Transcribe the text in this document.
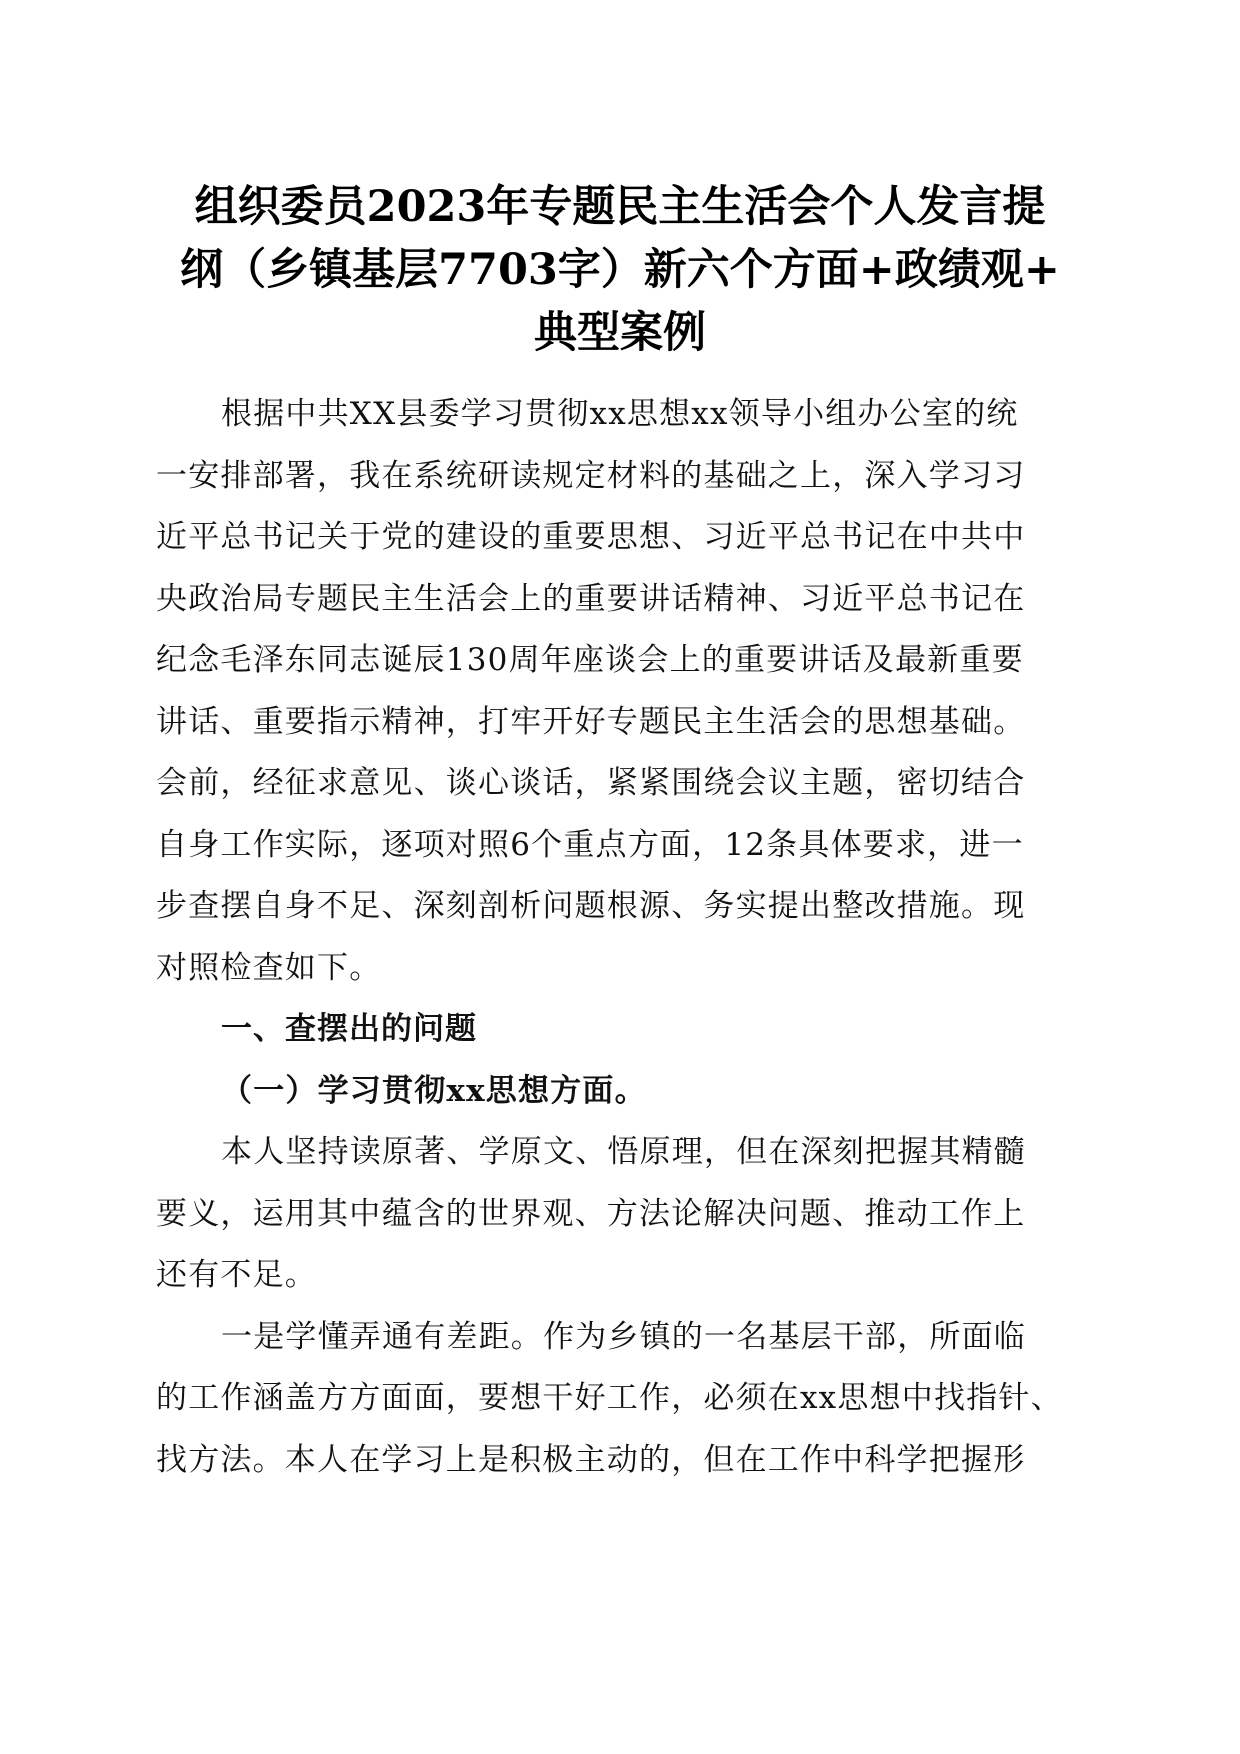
组织委员2023年专题民主生活会个人发言提
纲（乡镇基层7703字）新六个方面+政绩观+
典型案例

根据中共XX县委学习贯彻xx思想xx领导小组办公室的统
一安排部署，我在系统研读规定材料的基础之上，深入学习习
近平总书记关于党的建设的重要思想、习近平总书记在中共中
央政治局专题民主生活会上的重要讲话精神、习近平总书记在
纪念毛泽东同志诞辰130周年座谈会上的重要讲话及最新重要
讲话、重要指示精神，打牢开好专题民主生活会的思想基础。
会前，经征求意见、谈心谈话，紧紧围绕会议主题，密切结合
自身工作实际，逐项对照6个重点方面，12条具体要求，进一
步查摆自身不足、深刻剖析问题根源、务实提出整改措施。现
对照检查如下。

一、查摆出的问题
（一）学习贯彻xx思想方面。

本人坚持读原著、学原文、悟原理，但在深刻把握其精髓
要义，运用其中蕴含的世界观、方法论解决问题、推动工作上
还有不足。

一是学懂弄通有差距。作为乡镇的一名基层干部，所面临
的工作涵盖方方面面，要想干好工作，必须在xx思想中找指针、
找方法。本人在学习上是积极主动的，但在工作中科学把握形
